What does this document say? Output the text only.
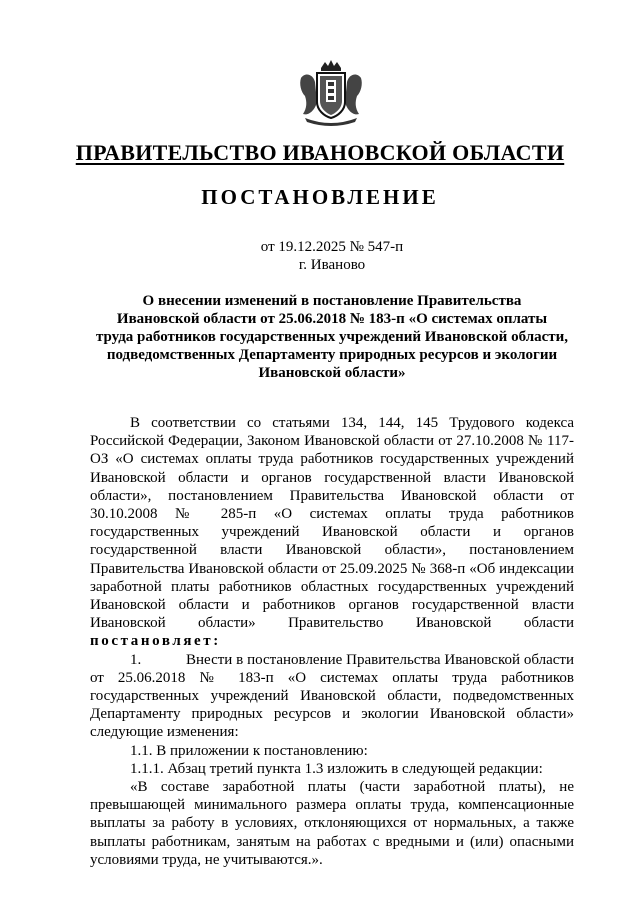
ПРАВИТЕЛЬСТВО ИВАНОВСКОЙ ОБЛАСТИ
ПОСТАНОВЛЕНИЕ
от 19.12.2025 № 547-п
г. Иваново
О внесении изменений в постановление Правительства
Ивановской области от 25.06.2018 № 183-п «О системах оплаты
труда работников государственных учреждений Ивановской области,
подведомственных Департаменту природных ресурсов и экологии
Ивановской области»

В соответствии со статьями 134, 144, 145 Трудового кодекса Российской Федерации, Законом Ивановской области от 27.10.2008 № 117-ОЗ «О системах оплаты труда работников государственных учреждений Ивановской области и органов государственной власти Ивановской области», постановлением Правительства Ивановской области от 30.10.2008 № 285-п «О системах оплаты труда работников государственных учреждений Ивановской области и органов государственной власти Ивановской области», постановлением Правительства Ивановской области от 25.09.2025 № 368-п «Об индексации заработной платы работников областных государственных учреждений Ивановской области и работников органов государственной власти Ивановской области» Правительство Ивановской области постановляет:

1.	Внести в постановление Правительства Ивановской области от 25.06.2018 № 183-п «О системах оплаты труда работников государственных учреждений Ивановской области, подведомственных Департаменту природных ресурсов и экологии Ивановской области» следующие изменения:

1.1. В приложении к постановлению:

1.1.1. Абзац третий пункта 1.3 изложить в следующей редакции:

«В составе заработной платы (части заработной платы), не превышающей минимального размера оплаты труда, компенсационные выплаты за работу в условиях, отклоняющихся от нормальных, а также выплаты работникам, занятым на работах с вредными и (или) опасными условиями труда, не учитываются.».
